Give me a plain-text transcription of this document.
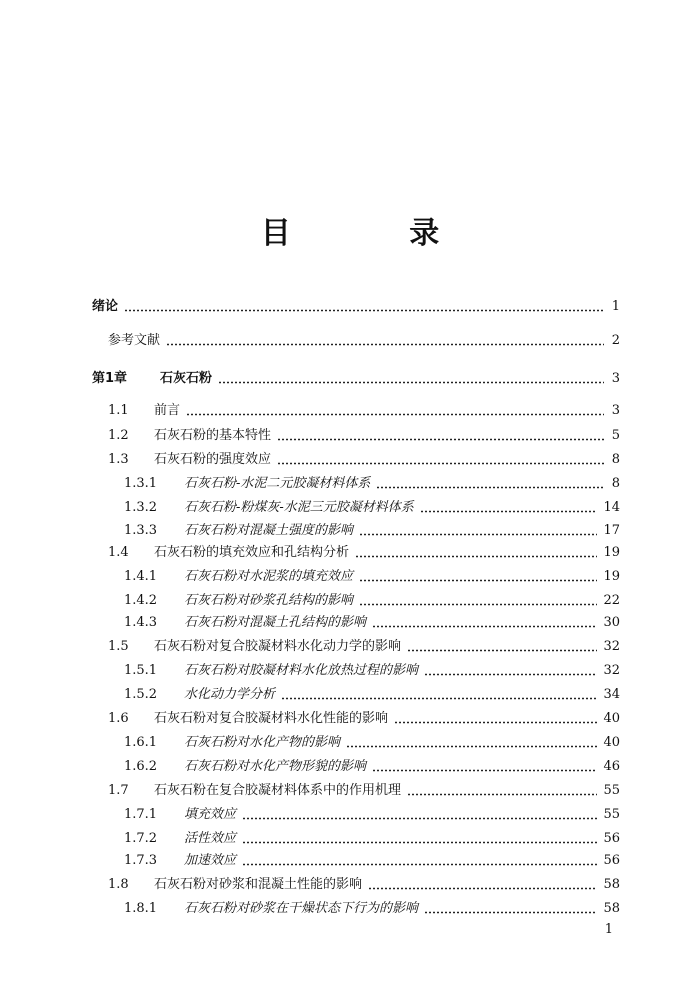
目 录
绪论	1
参考文献	2
第1章	石灰石粉	3
1.1	前言	3
1.2	石灰石粉的基本特性	5
1.3	石灰石粉的强度效应	8
1.3.1	石灰石粉-水泥二元胶凝材料体系	8
1.3.2	石灰石粉-粉煤灰-水泥三元胶凝材料体系	14
1.3.3	石灰石粉对混凝土强度的影响	17
1.4	石灰石粉的填充效应和孔结构分析	19
1.4.1	石灰石粉对水泥浆的填充效应	19
1.4.2	石灰石粉对砂浆孔结构的影响	22
1.4.3	石灰石粉对混凝土孔结构的影响	30
1.5	石灰石粉对复合胶凝材料水化动力学的影响	32
1.5.1	石灰石粉对胶凝材料水化放热过程的影响	32
1.5.2	水化动力学分析	34
1.6	石灰石粉对复合胶凝材料水化性能的影响	40
1.6.1	石灰石粉对水化产物的影响	40
1.6.2	石灰石粉对水化产物形貌的影响	46
1.7	石灰石粉在复合胶凝材料体系中的作用机理	55
1.7.1	填充效应	55
1.7.2	活性效应	56
1.7.3	加速效应	56
1.8	石灰石粉对砂浆和混凝土性能的影响	58
1.8.1	石灰石粉对砂浆在干燥状态下行为的影响	58
1
